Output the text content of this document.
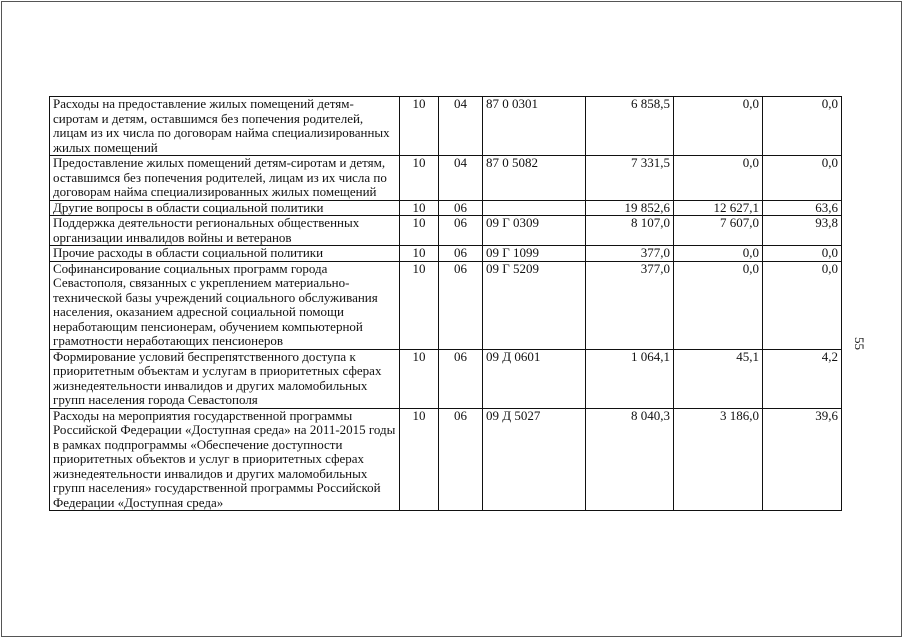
Расходы на предоставление жилых помещений детям-сиротам и детям, оставшимся без попечения родителей, лицам из их числа по договорам найма специализированных жилых помещений	10	04	87 0 0301	6 858,5	0,0	0,0
Предоставление жилых помещений детям-сиротам и детям, оставшимся без попечения родителей, лицам из их числа по договорам найма специализированных жилых помещений	10	04	87 0 5082	7 331,5	0,0	0,0
Другие вопросы в области социальной политики	10	06		19 852,6	12 627,1	63,6
Поддержка деятельности региональных общественных организации инвалидов войны и ветеранов	10	06	09 Г 0309	8 107,0	7 607,0	93,8
Прочие расходы в области социальной политики	10	06	09 Г 1099	377,0	0,0	0,0
Софинансирование социальных программ города Севастополя, связанных с укреплением материально-технической базы учреждений социального обслуживания населения, оказанием адресной социальной помощи неработающим пенсионерам, обучением компьютерной грамотности неработающих пенсионеров	10	06	09 Г 5209	377,0	0,0	0,0
Формирование условий беспрепятственного доступа к приоритетным объектам и услугам в приоритетных сферах жизнедеятельности инвалидов и других маломобильных групп населения города Севастополя	10	06	09 Д 0601	1 064,1	45,1	4,2
Расходы на мероприятия государственной программы Российской Федерации «Доступная среда» на 2011-2015 годы в рамках подпрограммы «Обеспечение доступности приоритетных объектов и услуг в приоритетных сферах жизнедеятельности инвалидов и других маломобильных групп населения» государственной программы Российской Федерации «Доступная среда»	10	06	09 Д 5027	8 040,3	3 186,0	39,6
55
